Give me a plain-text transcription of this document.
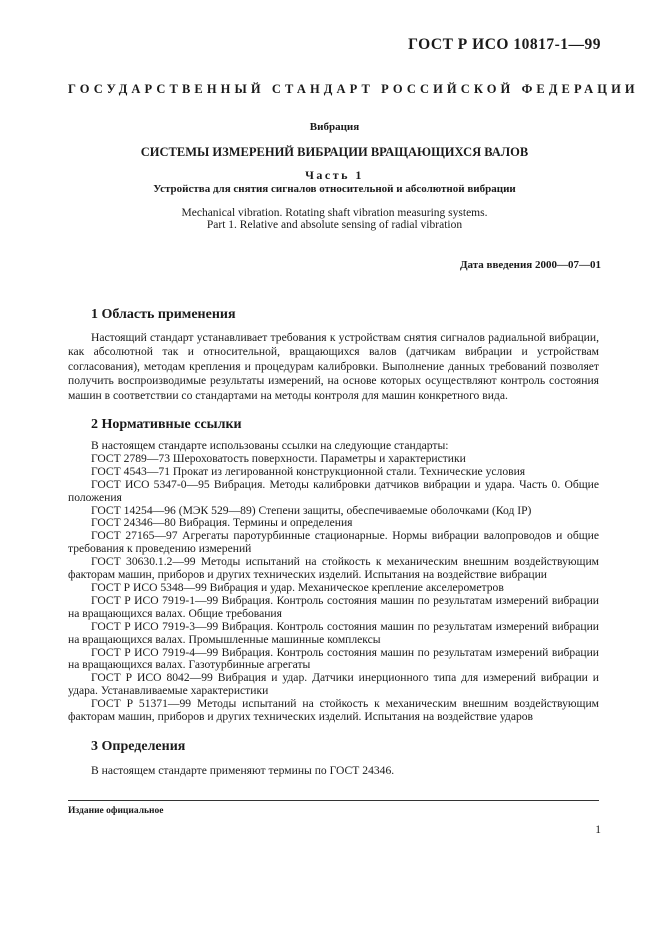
ГОСТ Р ИСО 10817-1—99
ГОСУДАРСТВЕННЫЙ СТАНДАРТ РОССИЙСКОЙ ФЕДЕРАЦИИ
Вибрация
СИСТЕМЫ ИЗМЕРЕНИЙ ВИБРАЦИИ ВРАЩАЮЩИХСЯ ВАЛОВ
Часть 1
Устройства для снятия сигналов относительной и абсолютной вибрации
Mechanical vibration. Rotating shaft vibration measuring systems.
Part 1. Relative and absolute sensing of radial vibration
Дата введения 2000—07—01
1 Область применения

Настоящий стандарт устанавливает требования к устройствам снятия сигналов радиальной вибрации, как абсолютной так и относительной, вращающихся валов (датчикам вибрации и устройствам согласования), методам крепления и процедурам калибровки. Выполнение данных требований позволяет получить воспроизводимые результаты измерений, на основе которых осуществляют контроль состояния машин в соответствии со стандартами на методы контроля для машин конкретного вида.

2 Нормативные ссылки

В настоящем стандарте использованы ссылки на следующие стандарты:

ГОСТ 2789—73 Шероховатость поверхности. Параметры и характеристики

ГОСТ 4543—71 Прокат из легированной конструкционной стали. Технические условия

ГОСТ ИСО 5347-0—95 Вибрация. Методы калибровки датчиков вибрации и удара. Часть 0. Общие положения

ГОСТ 14254—96 (МЭК 529—89) Степени защиты, обеспечиваемые оболочками (Код IP)

ГОСТ 24346—80 Вибрация. Термины и определения

ГОСТ 27165—97 Агрегаты паротурбинные стационарные. Нормы вибрации валопроводов и общие требования к проведению измерений

ГОСТ 30630.1.2—99 Методы испытаний на стойкость к механическим внешним воздействующим факторам машин, приборов и других технических изделий. Испытания на воздействие вибрации

ГОСТ Р ИСО 5348—99 Вибрация и удар. Механическое крепление акселерометров

ГОСТ Р ИСО 7919-1—99 Вибрация. Контроль состояния машин по результатам измерений вибрации на вращающихся валах. Общие требования

ГОСТ Р ИСО 7919-3—99 Вибрация. Контроль состояния машин по результатам измерений вибрации на вращающихся валах. Промышленные машинные комплексы

ГОСТ Р ИСО 7919-4—99 Вибрация. Контроль состояния машин по результатам измерений вибрации на вращающихся валах. Газотурбинные агрегаты

ГОСТ Р ИСО 8042—99 Вибрация и удар. Датчики инерционного типа для измерений вибрации и удара. Устанавливаемые характеристики

ГОСТ Р 51371—99 Методы испытаний на стойкость к механическим внешним воздействующим факторам машин, приборов и других технических изделий. Испытания на воздействие ударов

3 Определения

В настоящем стандарте применяют термины по ГОСТ 24346.

Издание официальное
1
